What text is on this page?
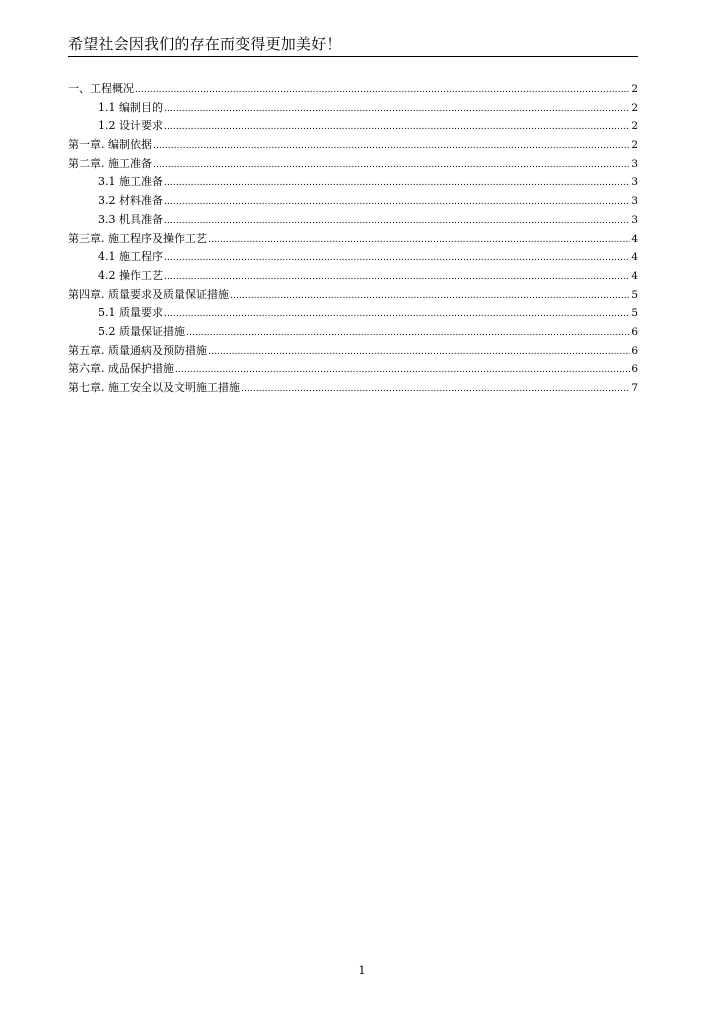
希望社会因我们的存在而变得更加美好！
一、工程概况 .....	2
1.1 编制目的 .....	2
1.2 设计要求 .....	2
第一章. 编制依据 .....	2
第二章. 施工准备 .....	3
3.1 施工准备 .....	3
3.2 材料准备 .....	3
3.3 机具准备 .....	3
第三章. 施工程序及操作工艺 .....	4
4.1 施工程序 .....	4
4.2 操作工艺 .....	4
第四章. 质量要求及质量保证措施 .....	5
5.1 质量要求 .....	5
5.2 质量保证措施 .....	6
第五章. 质量通病及预防措施 .....	6
第六章. 成品保护措施 .....	6
第七章. 施工安全以及文明施工措施 .....	7
1
